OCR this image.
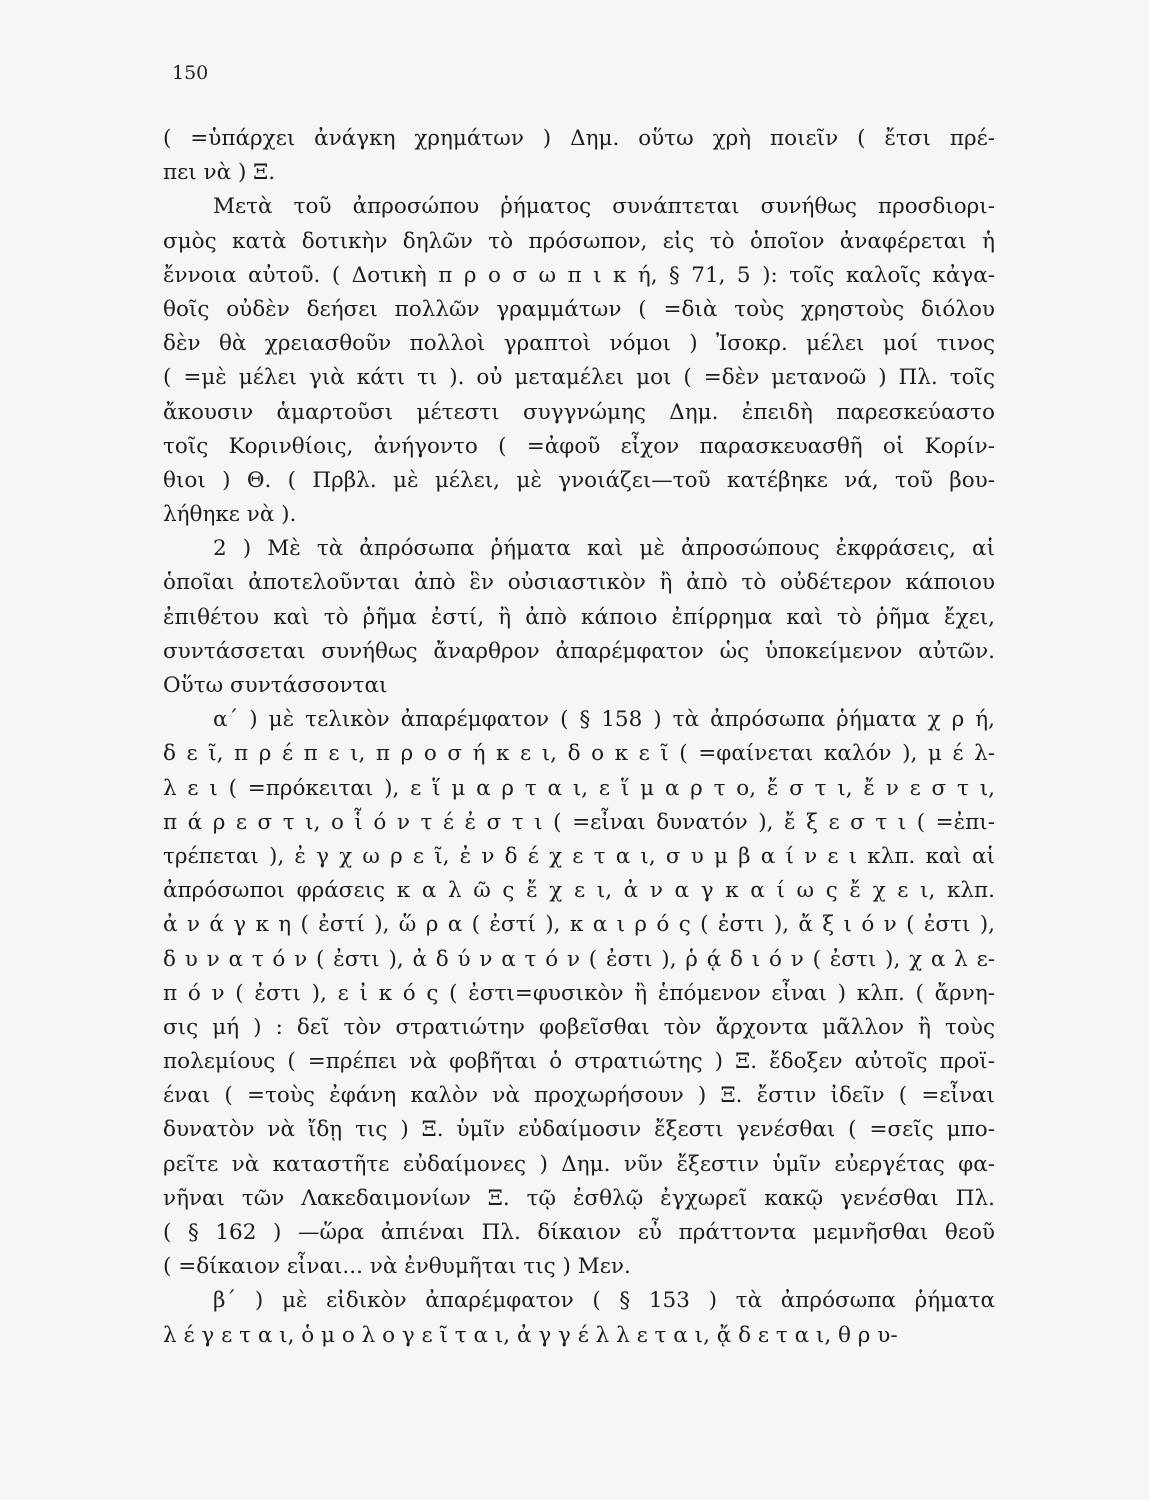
150
( =ὑπάρχει ἀνάγκη χρημάτων ) Δημ. οὕτω χρὴ ποιεῖν ( ἔτσι πρέ-
πει νὰ ) Ξ.
Μετὰ τοῦ ἀπροσώπου ῥήματος συνάπτεται συνήθως προσδιορι-
σμὸς κατὰ δοτικὴν δηλῶν τὸ πρόσωπον, εἰς τὸ ὁποῖον ἀναφέρεται ἡ
ἔννοια αὐτοῦ. ( Δοτικὴ π ρ ο σ ω π ι κ ή, § 71, 5 ): τοῖς καλοῖς κἀγα-
θοῖς οὐδὲν δεήσει πολλῶν γραμμάτων ( =διὰ τοὺς χρηστοὺς διόλου
δὲν θὰ χρειασθοῦν πολλοὶ γραπτοὶ νόμοι ) Ἰσοκρ. μέλει μοί τινος
( =μὲ μέλει γιὰ κάτι τι ). οὐ μεταμέλει μοι ( =δὲν μετανοῶ ) Πλ. τοῖς
ἄκουσιν ἁμαρτοῦσι μέτεστι συγγνώμης Δημ. ἐπειδὴ παρεσκεύαστο
τοῖς Κορινθίοις, ἀνήγοντο ( =ἀφοῦ εἶχον παρασκευασθῆ οἱ Κορίν-
θιοι ) Θ. ( Πρβλ. μὲ μέλει, μὲ γνοιάζει—τοῦ κατέβηκε νά, τοῦ βου-
λήθηκε νὰ ).
2 ) Μὲ τὰ ἀπρόσωπα ῥήματα καὶ μὲ ἀπροσώπους ἐκφράσεις, αἱ
ὁποῖαι ἀποτελοῦνται ἀπὸ ἓν οὐσιαστικὸν ἢ ἀπὸ τὸ οὐδέτερον κάποιου
ἐπιθέτου καὶ τὸ ῥῆμα ἐστί, ἢ ἀπὸ κάποιο ἐπίρρημα καὶ τὸ ῥῆμα ἔχει,
συντάσσεται συνήθως ἄναρθρον ἀπαρέμφατον ὡς ὑποκείμενον αὐτῶν.
Οὕτω συντάσσονται
α΄ ) μὲ τελικὸν ἀπαρέμφατον ( § 158 ) τὰ ἀπρόσωπα ῥήματα χ ρ ή,
δ ε ῖ, π ρ έ π ε ι, π ρ ο σ ή κ ε ι, δ ο κ ε ῖ ( =φαίνεται καλόν ), μ έ λ-
λ ε ι ( =πρόκειται ), ε ἵ μ α ρ τ α ι, ε ἵ μ α ρ τ ο, ἔ σ τ ι, ἔ ν ε σ τ ι,
π ά ρ ε σ τ ι, ο ἷ ό ν τ έ ἐ σ τ ι ( =εἶναι δυνατόν ), ἔ ξ ε σ τ ι ( =ἐπι-
τρέπεται ), ἐ γ χ ω ρ ε ῖ, ἐ ν δ έ χ ε τ α ι, σ υ μ β α ί ν ε ι κλπ. καὶ αἱ
ἀπρόσωποι φράσεις κ α λ ῶ ς ἔ χ ε ι, ἀ ν α γ κ α ί ω ς ἔ χ ε ι, κλπ.
ἀ ν ά γ κ η ( ἐστί ), ὥ ρ α ( ἐστί ), κ α ι ρ ό ς ( ἐστι ), ἄ ξ ι ό ν ( ἐστι ),
δ υ ν α τ ό ν ( ἐστι ), ἀ δ ύ ν α τ ό ν ( ἐστι ), ῥ ᾴ δ ι ό ν ( ἐστι ), χ α λ ε-
π ό ν ( ἐστι ), ε ἰ κ ό ς ( ἐστι=φυσικὸν ἢ ἑπόμενον εἶναι ) κλπ. ( ἄρνη-
σις μή ) : δεῖ τὸν στρατιώτην φοβεῖσθαι τὸν ἄρχοντα μᾶλλον ἢ τοὺς
πολεμίους ( =πρέπει νὰ φοβῆται ὁ στρατιώτης ) Ξ. ἔδοξεν αὐτοῖς προϊ-
έναι ( =τοὺς ἐφάνη καλὸν νὰ προχωρήσουν ) Ξ. ἔστιν ἰδεῖν ( =εἶναι
δυνατὸν νὰ ἴδῃ τις ) Ξ. ὑμῖν εὐδαίμοσιν ἔξεστι γενέσθαι ( =σεῖς μπο-
ρεῖτε νὰ καταστῆτε εὐδαίμονες ) Δημ. νῦν ἔξεστιν ὑμῖν εὐεργέτας φα-
νῆναι τῶν Λακεδαιμονίων Ξ. τῷ ἐσθλῷ ἐγχωρεῖ κακῷ γενέσθαι Πλ.
( § 162 ) —ὥρα ἀπιέναι Πλ. δίκαιον εὖ πράττοντα μεμνῆσθαι θεοῦ
( =δίκαιον εἶναι... νὰ ἐνθυμῆται τις ) Μεν.
β΄ ) μὲ εἰδικὸν ἀπαρέμφατον ( § 153 ) τὰ ἀπρόσωπα ῥήματα
λ έ γ ε τ α ι, ὁ μ ο λ ο γ ε ῖ τ α ι, ἀ γ γ έ λ λ ε τ α ι, ᾄ δ ε τ α ι, θ ρ υ-
